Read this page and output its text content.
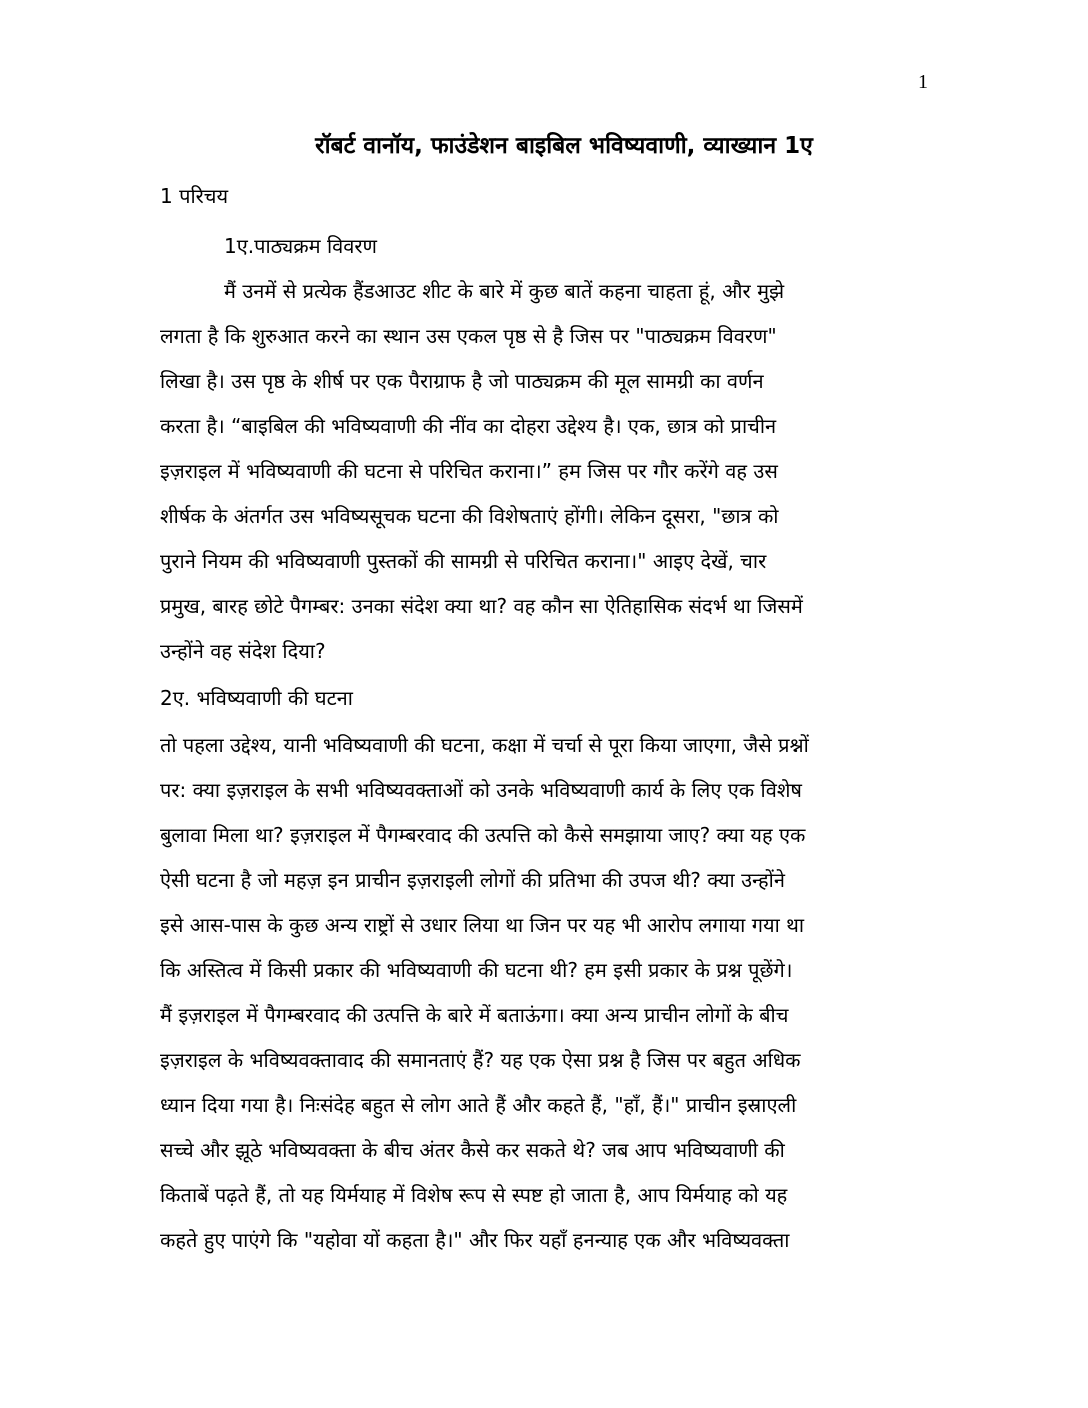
1
रॉबर्ट वानॉय, फाउंडेशन बाइबिल भविष्यवाणी, व्याख्यान 1ए
1 परिचय
1ए.पाठ्यक्रम विवरण
मैं उनमें से प्रत्येक हैंडआउट शीट के बारे में कुछ बातें कहना चाहता हूं, और मुझे
लगता है कि शुरुआत करने का स्थान उस एकल पृष्ठ से है जिस पर "पाठ्यक्रम विवरण"
लिखा है। उस पृष्ठ के शीर्ष पर एक पैराग्राफ है जो पाठ्यक्रम की मूल सामग्री का वर्णन
करता है। “बाइबिल की भविष्यवाणी की नींव का दोहरा उद्देश्य है। एक, छात्र को प्राचीन
इज़राइल में भविष्यवाणी की घटना से परिचित कराना।” हम जिस पर गौर करेंगे वह उस
शीर्षक के अंतर्गत उस भविष्यसूचक घटना की विशेषताएं होंगी। लेकिन दूसरा, "छात्र को
पुराने नियम की भविष्यवाणी पुस्तकों की सामग्री से परिचित कराना।" आइए देखें, चार
प्रमुख, बारह छोटे पैगम्बर: उनका संदेश क्या था? वह कौन सा ऐतिहासिक संदर्भ था जिसमें
उन्होंने वह संदेश दिया?
2ए. भविष्यवाणी की घटना
तो पहला उद्देश्य, यानी भविष्यवाणी की घटना, कक्षा में चर्चा से पूरा किया जाएगा, जैसे प्रश्नों
पर: क्या इज़राइल के सभी भविष्यवक्ताओं को उनके भविष्यवाणी कार्य के लिए एक विशेष
बुलावा मिला था? इज़राइल में पैगम्बरवाद की उत्पत्ति को कैसे समझाया जाए? क्या यह एक
ऐसी घटना है जो महज़ इन प्राचीन इज़राइली लोगों की प्रतिभा की उपज थी? क्या उन्होंने
इसे आस-पास के कुछ अन्य राष्ट्रों से उधार लिया था जिन पर यह भी आरोप लगाया गया था
कि अस्तित्व में किसी प्रकार की भविष्यवाणी की घटना थी? हम इसी प्रकार के प्रश्न पूछेंगे।
मैं इज़राइल में पैगम्बरवाद की उत्पत्ति के बारे में बताऊंगा। क्या अन्य प्राचीन लोगों के बीच
इज़राइल के भविष्यवक्तावाद की समानताएं हैं? यह एक ऐसा प्रश्न है जिस पर बहुत अधिक
ध्यान दिया गया है। निःसंदेह बहुत से लोग आते हैं और कहते हैं, "हाँ, हैं।" प्राचीन इस्राएली
सच्चे और झूठे भविष्यवक्ता के बीच अंतर कैसे कर सकते थे? जब आप भविष्यवाणी की
किताबें पढ़ते हैं, तो यह यिर्मयाह में विशेष रूप से स्पष्ट हो जाता है, आप यिर्मयाह को यह
कहते हुए पाएंगे कि "यहोवा यों कहता है।" और फिर यहाँ हनन्याह एक और भविष्यवक्ता
